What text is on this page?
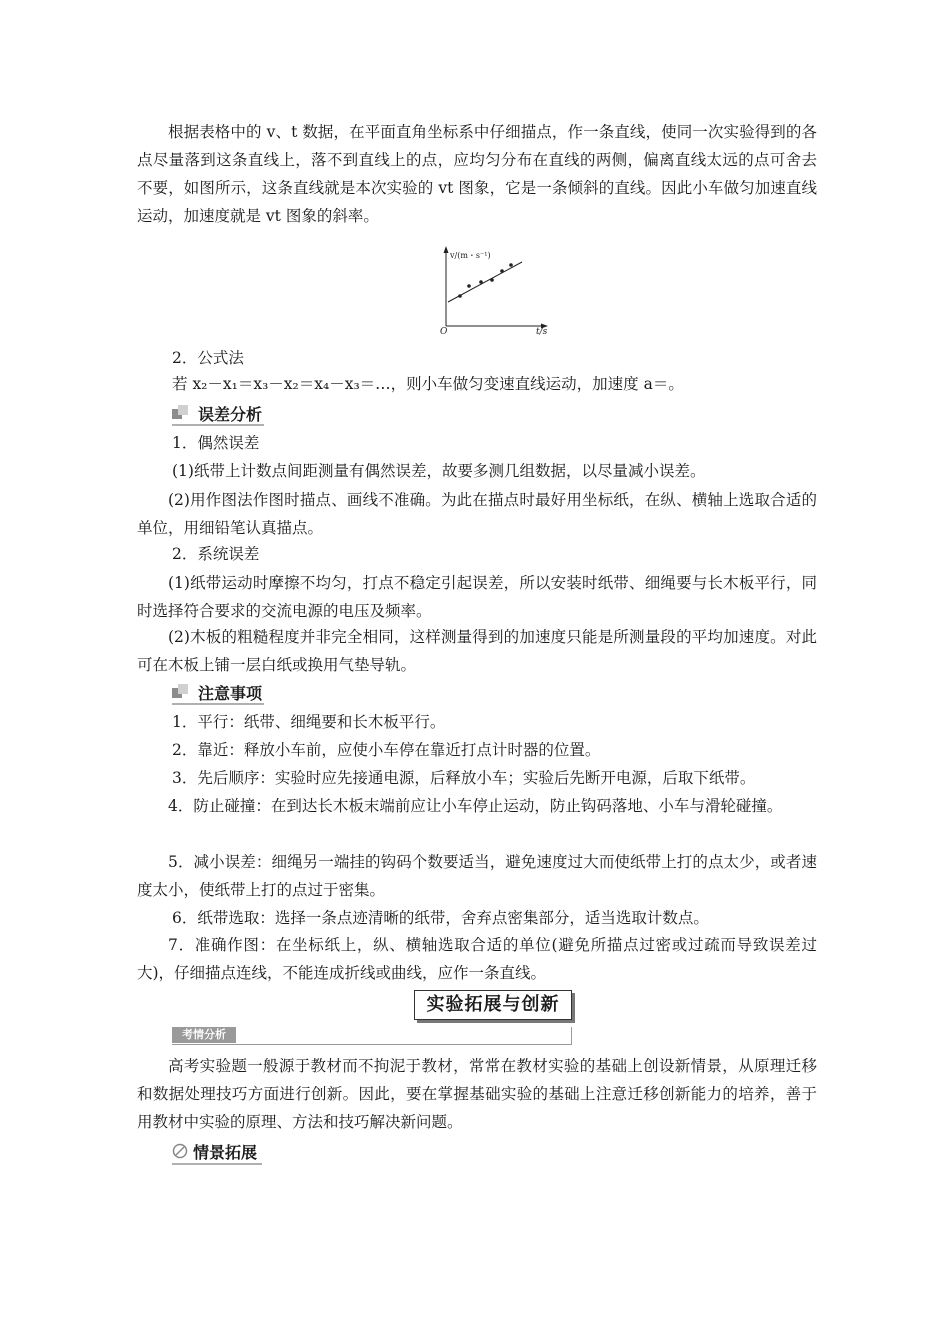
根据表格中的 v、t 数据，在平面直角坐标系中仔细描点，作一条直线，使同一次实验得到的各点尽量落到这条直线上，落不到直线上的点，应均匀分布在直线的两侧，偏离直线太远的点可舍去不要，如图所示，这条直线就是本次实验的 vt 图象，它是一条倾斜的直线。因此小车做匀加速直线运动，加速度就是 vt 图象的斜率。

v/(m・s⁻¹)
t/s
O
2．公式法
若 x₂－x₁＝x₃－x₂＝x₄－x₃＝…，则小车做匀变速直线运动，加速度 a＝。
误差分析
1．偶然误差
(1)纸带上计数点间距测量有偶然误差，故要多测几组数据，以尽量减小误差。

(2)用作图法作图时描点、画线不准确。为此在描点时最好用坐标纸，在纵、横轴上选取合适的单位，用细铅笔认真描点。

2．系统误差

(1)纸带运动时摩擦不均匀，打点不稳定引起误差，所以安装时纸带、细绳要与长木板平行，同时选择符合要求的交流电源的电压及频率。

(2)木板的粗糙程度并非完全相同，这样测量得到的加速度只能是所测量段的平均加速度。对此可在木板上铺一层白纸或换用气垫导轨。

注意事项
1．平行：纸带、细绳要和长木板平行。
2．靠近：释放小车前，应使小车停在靠近打点计时器的位置。
3．先后顺序：实验时应先接通电源，后释放小车；实验后先断开电源，后取下纸带。

4．防止碰撞：在到达长木板末端前应让小车停止运动，防止钩码落地、小车与滑轮碰撞。

5．减小误差：细绳另一端挂的钩码个数要适当，避免速度过大而使纸带上打的点太少，或者速度太小，使纸带上打的点过于密集。

6．纸带选取：选择一条点迹清晰的纸带，舍弃点密集部分，适当选取计数点。

7．准确作图：在坐标纸上，纵、横轴选取合适的单位(避免所描点过密或过疏而导致误差过大)，仔细描点连线，不能连成折线或曲线，应作一条直线。

实验拓展与创新
考情分析

高考实验题一般源于教材而不拘泥于教材，常常在教材实验的基础上创设新情景，从原理迁移和数据处理技巧方面进行创新。因此，要在掌握基础实验的基础上注意迁移创新能力的培养，善于用教材中实验的原理、方法和技巧解决新问题。

情景拓展
